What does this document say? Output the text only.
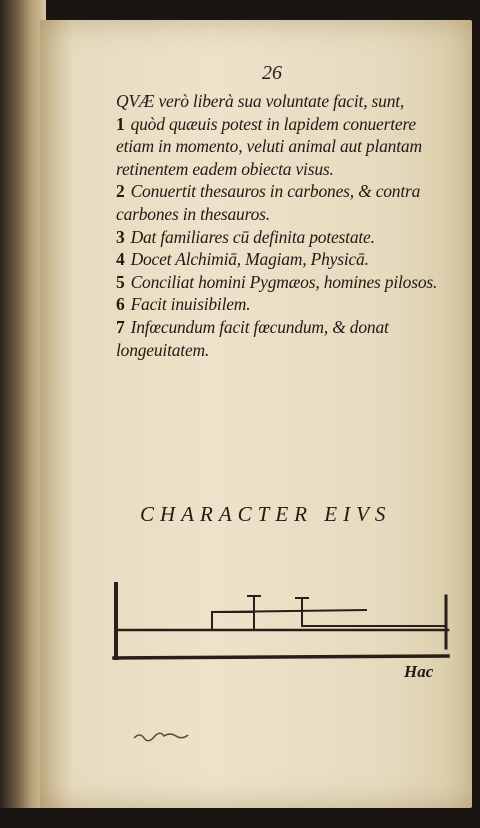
26

QVÆ verò liberà sua voluntate facit, sunt,

1 quòd quæuis potest in lapidem conuertere etiam in momento, veluti animal aut plantam retinentem eadem obiecta visus.

2 Conuertit thesauros in carbones, & contra carbones in thesauros.

3 Dat familiares cū definita potestate.

4 Docet Alchimiā, Magiam, Physicā.

5 Conciliat homini Pygmæos, homines pilosos.

6 Facit inuisibilem.

7 Infœcundum facit fœcundum, & donat longeuitatem.

CHARACTER EIVS
Hac
